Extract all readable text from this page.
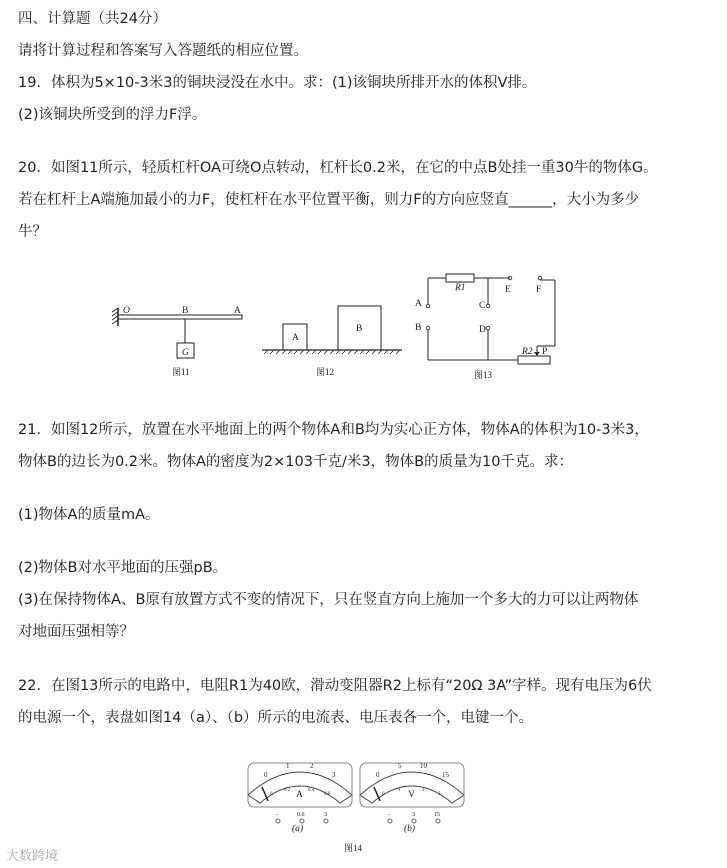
四、计算题（共24分）
请将计算过程和答案写入答题纸的相应位置。
19．体积为5×10-3米3的铜块浸没在水中。求：(1)该铜块所排开水的体积V排。
(2)该铜块所受到的浮力F浮。
20．如图11所示，轻质杠杆OA可绕O点转动，杠杆长0.2米，在它的中点B处挂一重30牛的物体G。
若在杠杆上A端施加最小的力F，使杠杆在水平位置平衡，则力F的方向应竖直______，大小为多少
牛？
O	B	A
G
图11
A
B
图12
R1
R2 P
A
B
C
D
E	F
图13
21．如图12所示，放置在水平地面上的两个物体A和B均为实心正方体，物体A的体积为10-3米3，
物体B的边长为0.2米。物体A的密度为2×103千克/米3，物体B的质量为10千克。求：
(1)物体A的质量mA。
(2)物体B对水平地面的压强pB。
(3)在保持物体A、B原有放置方式不变的情况下，只在竖直方向上施加一个多大的力可以让两物体
对地面压强相等？
22．在图13所示的电路中，电阻R1为40欧，滑动变阻器R2上标有“20Ω 3A”字样。现有电压为6伏
的电源一个，表盘如图14（a）、（b）所示的电流表、电压表各一个，电键一个。
0
1	2
3
0
0.2	0.4
0.6
A
-	0.6	3
(a)
0
5	10
15
0
1	2
3
V
-	3	15
(b)
图14
大数跨境
